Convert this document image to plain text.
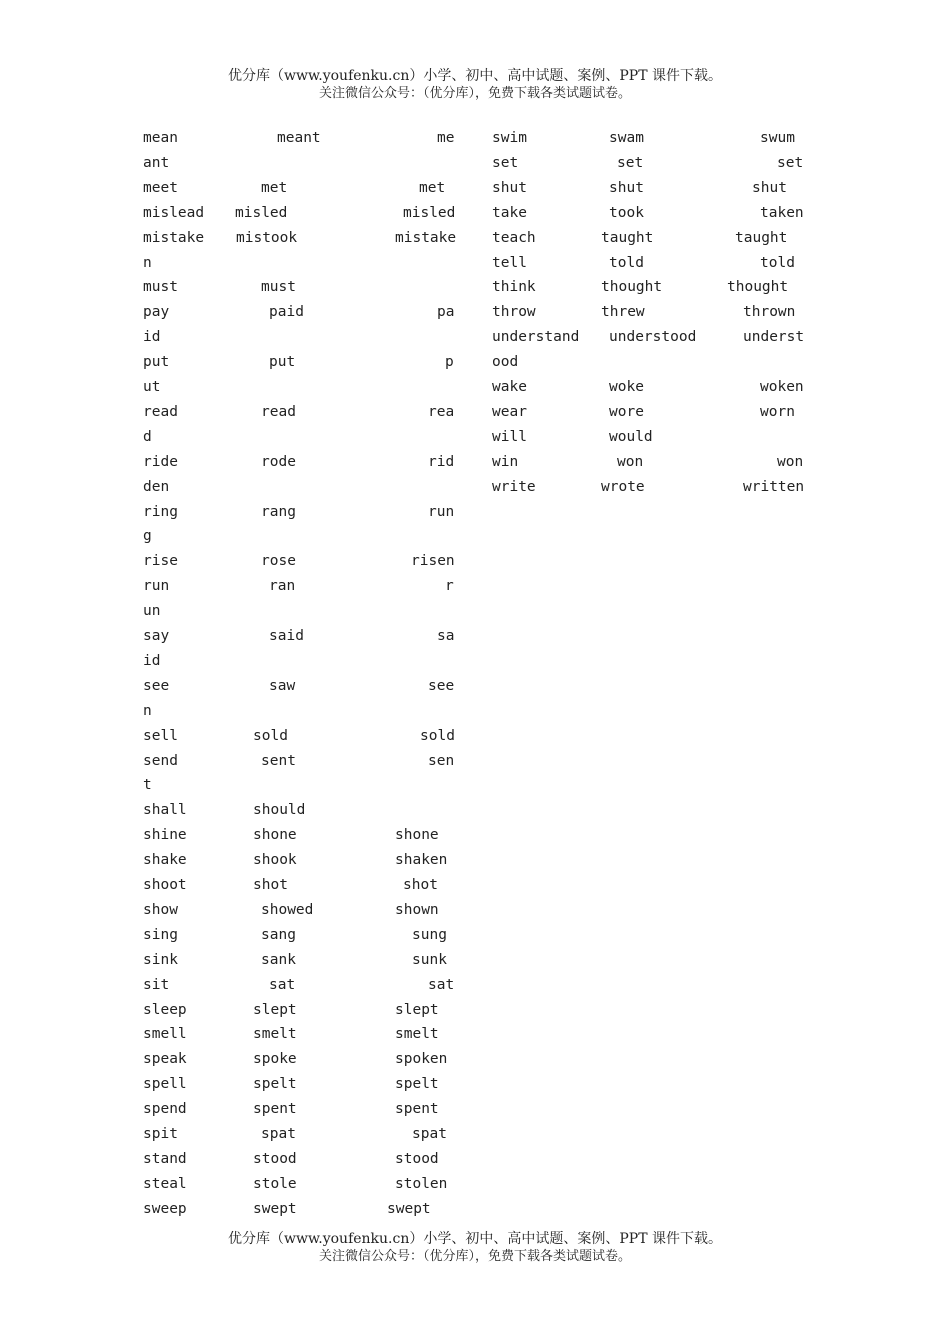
优分库（www.youfenku.cn）小学、初中、高中试题、案例、PPT 课件下载。
关注微信公众号：（优分库），免费下载各类试题试卷。
mean	meant	me
ant
meet	met	met
mislead misled	misled
mistake mistook	mistake
n
must	must
pay	paid	pa
id
put	put	p
ut
read	read	rea
d
ride	rode	rid
den
ring	rang	run
g
rise	rose	risen
run	ran	r
un
say	said	sa
id
see	saw	see
n
sell	sold	sold
send	sent	sen
t
shall	should
shine	shone	shone
shake	shook	shaken
shoot	shot	shot
show	showed	shown
sing	sang	sung
sink	sank	sunk
sit	sat	sat
sleep	slept	slept
smell	smelt	smelt
speak	spoke	spoken
spell	spelt	spelt
spend	spent	spent
spit	spat	spat
stand	stood	stood
steal	stole	stolen
sweep	swept	swept
swim	swam	swum
set	set	set
shut	shut	shut
take	took	taken
teach	taught	taught
tell	told	told
think	thought	thought
throw	threw	thrown
understand understood	underst
ood
wake	woke	woken
wear	wore	worn
will	would
win	won	won
write	wrote	written
优分库（www.youfenku.cn）小学、初中、高中试题、案例、PPT 课件下载。
关注微信公众号：（优分库），免费下载各类试题试卷。
